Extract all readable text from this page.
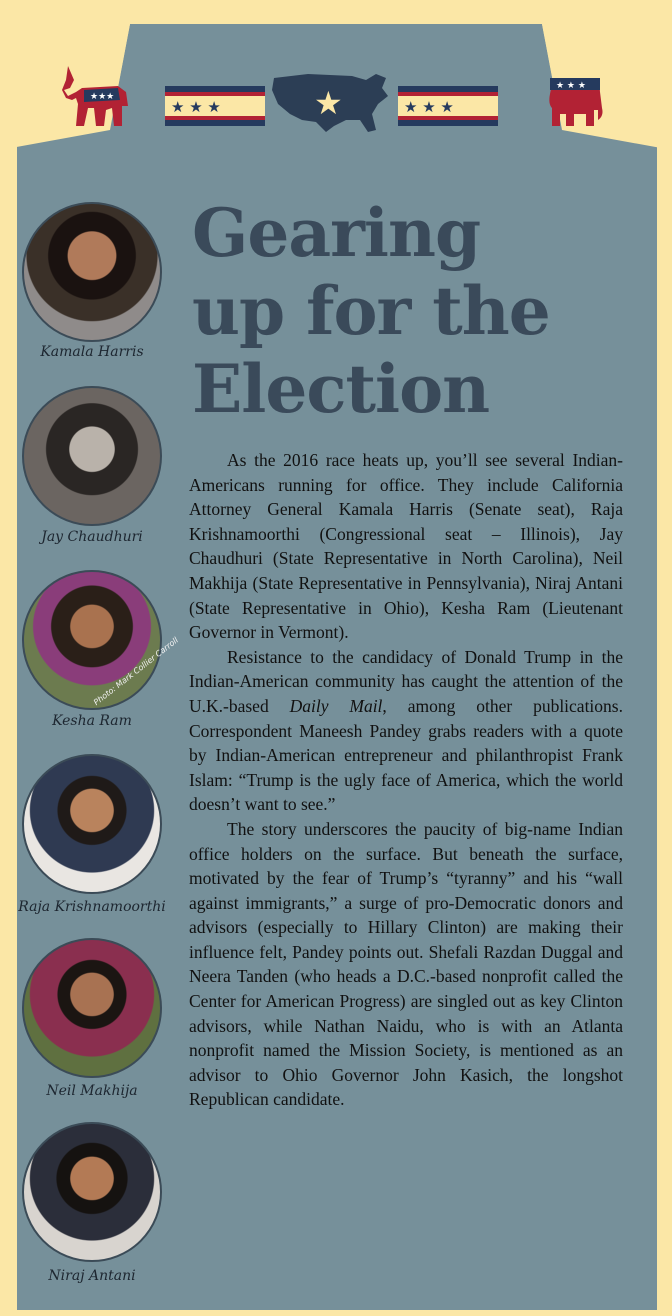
★★★
★ ★ ★
★ ★ ★	★ ★ ★
★
Gearing
up for the
Election
Kamala Harris
Jay Chaudhuri
Photo: Mark Collier Carroll
Kesha Ram
Raja Krishnamoorthi
Neil Makhija
Niraj Antani

As the 2016 race heats up, you’ll see several Indian-Americans running for office. They include California Attorney General Kamala Harris (Senate seat), Raja Krishnamoorthi (Congressional seat – Illinois), Jay Chaudhuri (State Representative in North Carolina), Neil Makhija (State Representative in Pennsylvania), Niraj Antani (State Representative in Ohio), Kesha Ram (Lieutenant Governor in Vermont).

Resistance to the candidacy of Donald Trump in the Indian-American community has caught the attention of the U.K.-based Daily Mail, among other publications. Correspondent Maneesh Pandey grabs readers with a quote by Indian-American entrepreneur and philanthropist Frank Islam: “Trump is the ugly face of America, which the world doesn’t want to see.”

The story underscores the paucity of big-name Indian office holders on the surface. But beneath the surface, motivated by the fear of Trump’s “tyranny” and his “wall against immigrants,” a surge of pro-Democratic donors and advisors (especially to Hillary Clinton) are making their influence felt, Pandey points out. Shefali Razdan Duggal and Neera Tanden (who heads a D.C.-based nonprofit called the Center for American Progress) are singled out as key Clinton advisors, while Nathan Naidu, who is with an Atlanta nonprofit named the Mission Society, is mentioned as an advisor to Ohio Governor John Kasich, the longshot Republican candidate.
